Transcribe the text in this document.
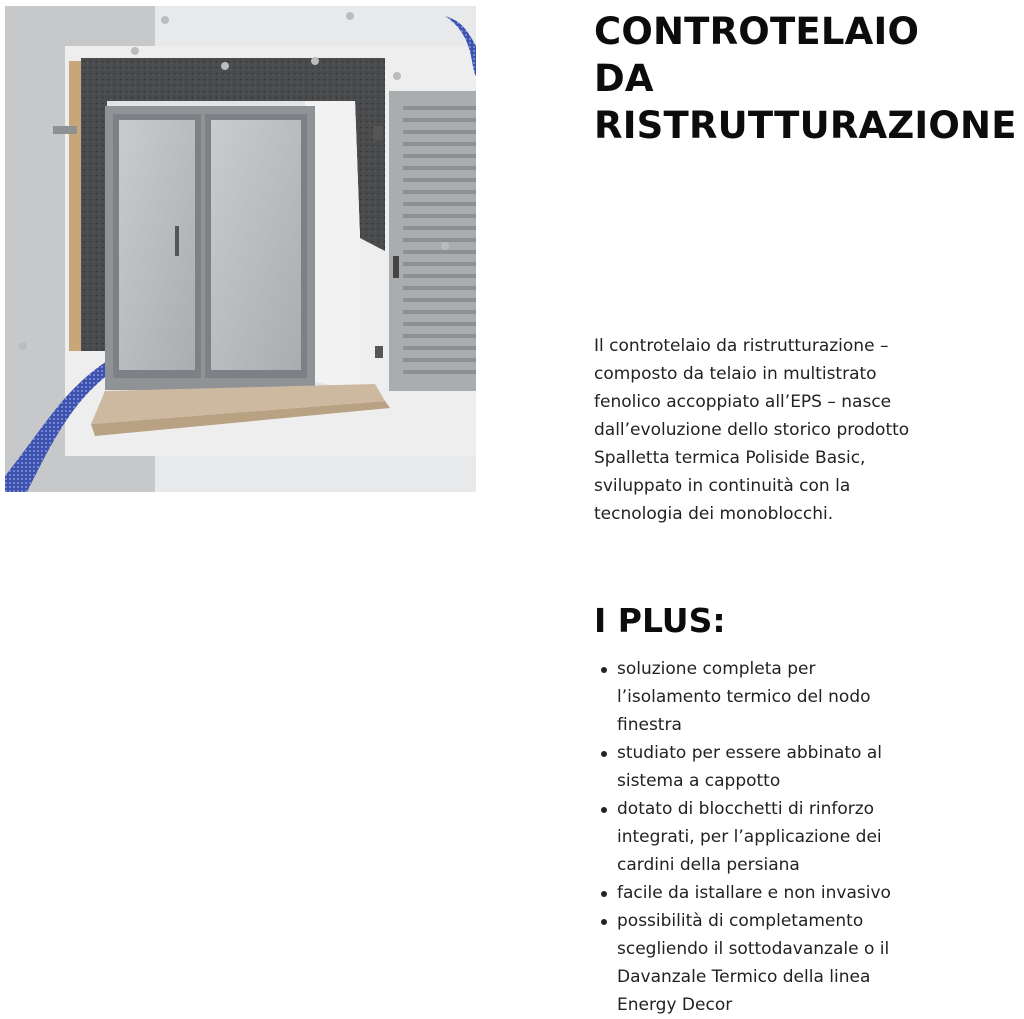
CONTROTELAIO
DA
RISTRUTTURAZIONE

Il controtelaio da ristrutturazione – composto da telaio in multistrato fenolico accoppiato all’EPS – nasce dall’evoluzione dello storico prodotto Spalletta termica Poliside Basic, sviluppato in continuità con la tecnologia dei monoblocchi.

I PLUS:
soluzione completa per l’isolamento termico del nodo finestra
studiato per essere abbinato al sistema a cappotto
dotato di blocchetti di rinforzo integrati, per l’applicazione dei cardini della persiana
facile da istallare e non invasivo
possibilità di completamento scegliendo il sottodavanzale o il Davanzale Termico della linea Energy Decor
